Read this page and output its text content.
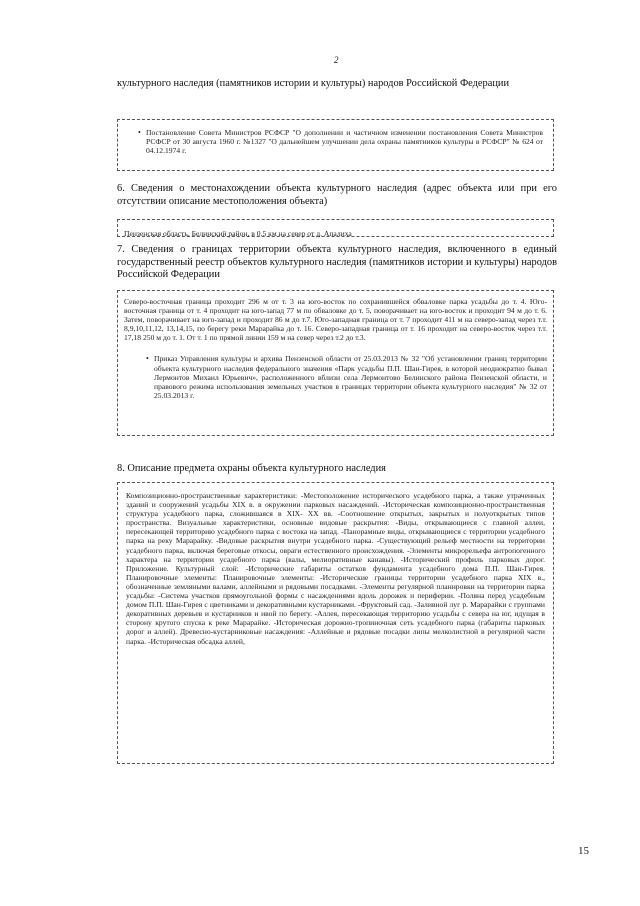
2
культурного наследия (памятников истории и культуры) народов Российской Федерации
• Постановление Совета Министров РСФСР "О дополнении и частичном изменении постановления Совета Министров РСФСР от 30 августа 1960 г. №1327 "О дальнейшем улучшении дела охраны памятников культуры в РСФСР" № 624 от 04.12.1974 г.
6. Сведения о местонахождении объекта культурного наследия (адрес объекта или при его отсутствии описание местоположения объекта)
Пензенская область, Белинский район, в 0.5 км на север от д. Апалиха
7. Сведения о границах территории объекта культурного наследия, включенного в единый государственный реестр объектов культурного наследия (памятников истории и культуры) народов Российской Федерации
Северо-восточная граница проходит 296 м от т. 3 на юго-восток по сохранившейся обваловке парка усадьбы до т. 4. Юго-восточная граница от т. 4 проходит на юго-запад 77 м по обваловке до т. 5, поворачивает на юго-восток и проходит 94 м до т. 6. Затем, поворачивает на юго-запад и проходит 86 м до т.7. Юго-западная граница от т. 7 проходит 411 м на северо-запад через т.т. 8,9,10,11,12, 13,14,15, по берегу реки Марарайка до т. 16. Северо-западная граница от т. 16 проходит на северо-восток через т.т. 17,18 250 м до т. 1. От т. 1 по прямой линии 159 м на север через т.2 до т.3.
• Приказ Управления культуры и архива Пензенской области от 25.03.2013 № 32 "Об установлении границ территории объекта культурного наследия федерального значения «Парк усадьбы П.П. Шан-Гирея, в которой неоднократно бывал Лермонтов Михаил Юрьевич», расположенного вблизи села Лермонтово Белинского района Пензенской области, и правового режима использования земельных участков в границах территории объекта культурного наследия" № 32 от 25.03.2013 г.
8. Описание предмета охраны объекта культурного наследия
Композиционно-пространственные характеристики: -Местоположение исторического усадебного парка, а также утраченных зданий и сооружений усадьбы XIX в. в окружении парковых насаждений. -Историческая композиционно-пространственная структура усадебного парка, сложившаяся в XIX- XX вв. -Соотношение открытых, закрытых и полуоткрытых типов пространства. Визуальные характеристики, основные видовые раскрытия: -Виды, открывающиеся с главной аллеи, пересекающей территорию усадебного парка с востока на запад. -Панорамные виды, открывающиеся с территории усадебного парка на реку Марарайку. -Видовые раскрытия внутри усадебного парка. -Существующий рельеф местности на территории усадебного парка, включая береговые откосы, овраги естественного происхождения. -Элементы микрорельефа антропогенного характера на территории усадебного парка (валы, мелиоративные канавы). -Исторический профиль парковых дорог. Приложение. Культурный слой: -Исторические габариты остатков фундамента усадебного дома П.П. Шан-Гирея. Планировочные элементы: Планировочные элементы: -Исторические границы территории усадебного парка XIX в., обозначенные земляными валами, аллейными и рядовыми посадками. -Элементы регулярной планировки на территории парка усадьбы: -Система участков прямоугольной формы с насаждениями вдоль дорожек и периферии. -Поляна перед усадебным домом П.П. Шан-Гирея с цветниками и декоративными кустарниками. -Фруктовый сад. -Заливной луг р. Марарайки с группами декоративных деревьев и кустарников и ивой по берегу. -Аллея, пересекающая территорию усадьбы с севера на юг, идущая в сторону крутого спуска к реке Марарайке. -Историческая дорожно-тропиночная сеть усадебного парка (габариты парковых дорог и аллей). Древесно-кустарниковые насаждения: -Аллейные и рядовые посадки липы мелколистной в регулярной части парка. -Историческая обсадка аллей,
15
